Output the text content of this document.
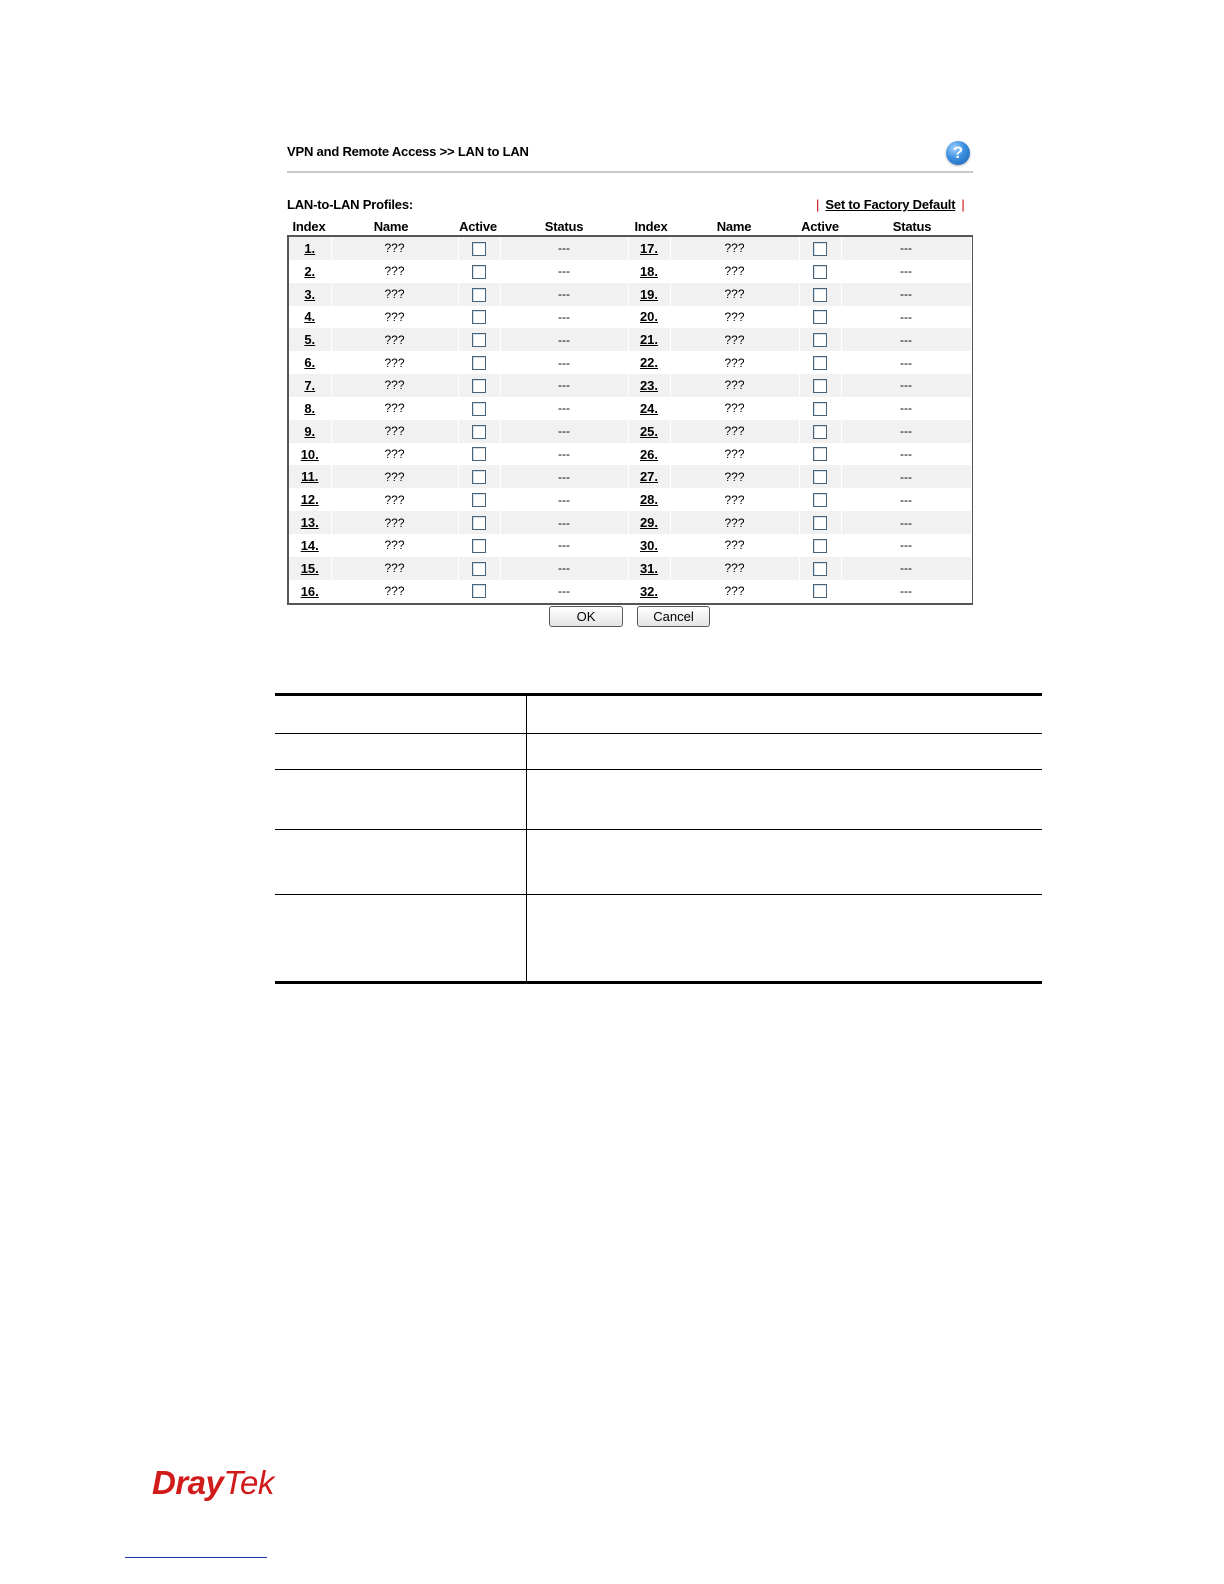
VPN and Remote Access >> LAN to LAN	?
LAN-to-LAN Profiles:	| Set to Factory Default |
Index	Name	Active	Status	Index	Name	Active	Status
1.	???		---	17.	???		---
2.	???		---	18.	???		---
3.	???		---	19.	???		---
4.	???		---	20.	???		---
5.	???		---	21.	???		---
6.	???		---	22.	???		---
7.	???		---	23.	???		---
8.	???		---	24.	???		---
9.	???		---	25.	???		---
10.	???		---	26.	???		---
11.	???		---	27.	???		---
12.	???		---	28.	???		---
13.	???		---	29.	???		---
14.	???		---	30.	???		---
15.	???		---	31.	???		---
16.	???		---	32.	???		---
OK	Cancel

DrayTek
